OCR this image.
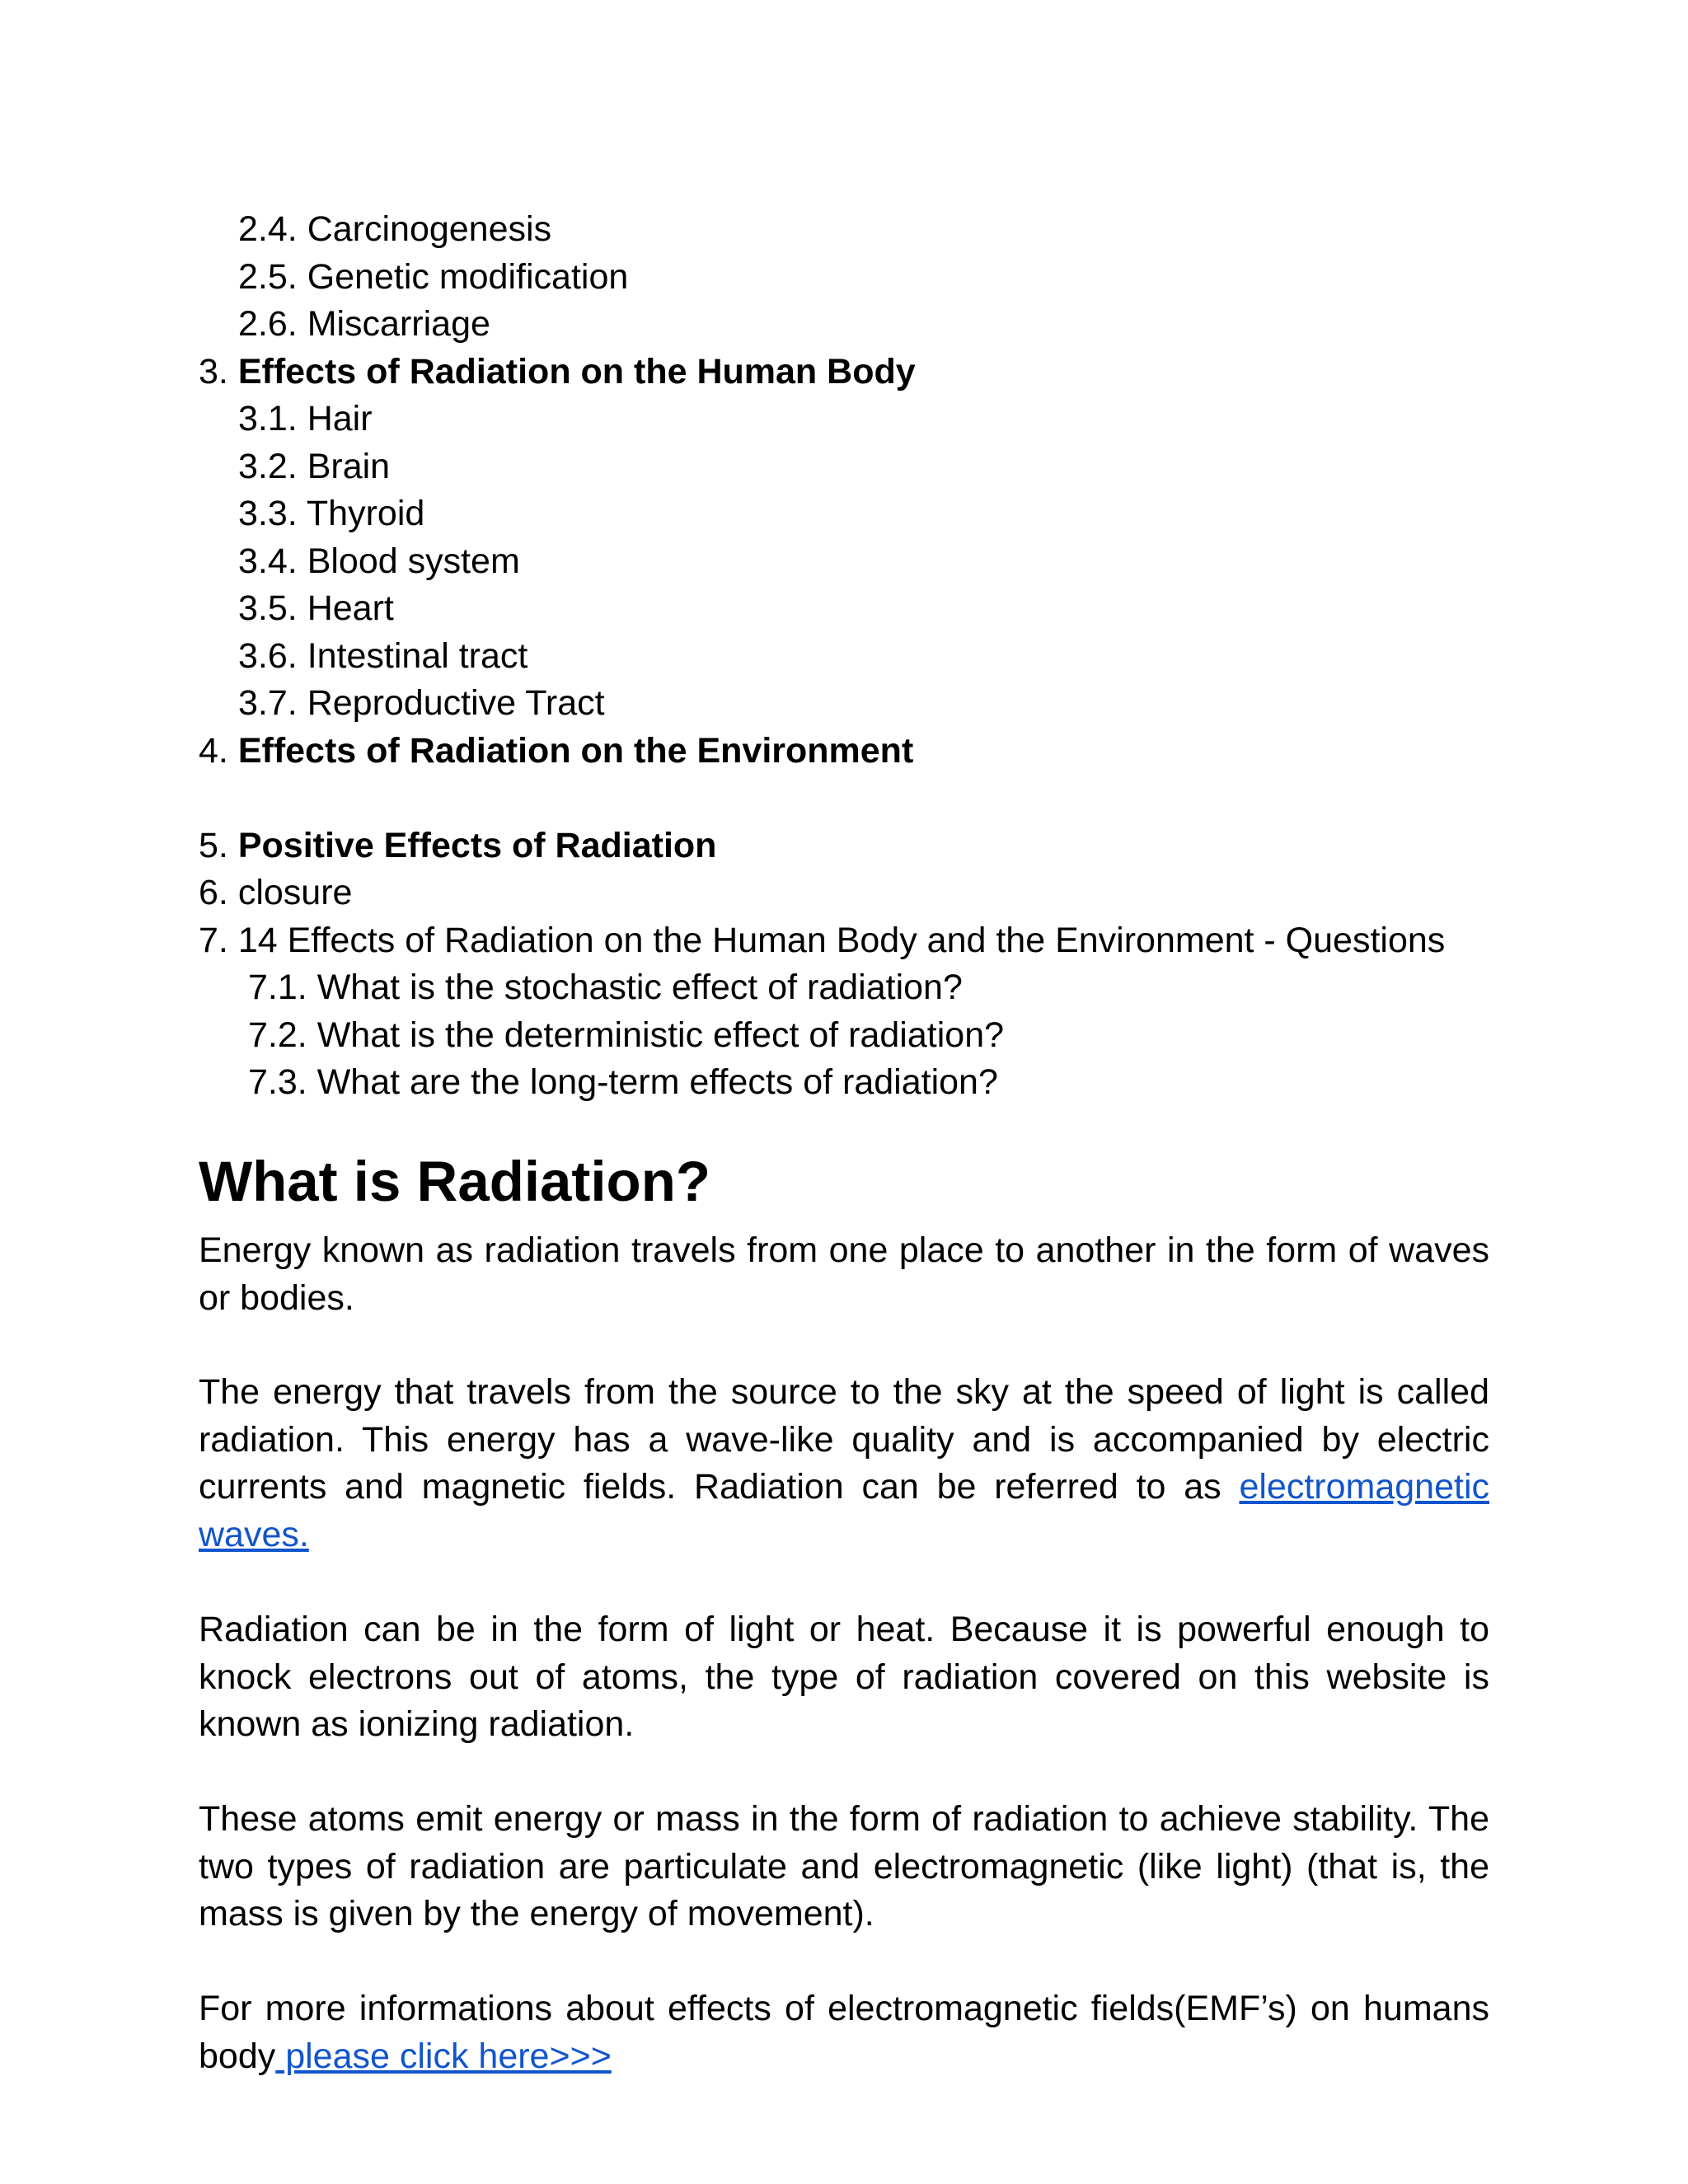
2.4. Carcinogenesis
2.5. Genetic modification
2.6. Miscarriage
3. Effects of Radiation on the Human Body
3.1. Hair
3.2. Brain
3.3. Thyroid
3.4. Blood system
3.5. Heart
3.6. Intestinal tract
3.7. Reproductive Tract
4. Effects of Radiation on the Environment
5. Positive Effects of Radiation
6. closure
7. 14 Effects of Radiation on the Human Body and the Environment - Questions
7.1. What is the stochastic effect of radiation?
7.2. What is the deterministic effect of radiation?
7.3. What are the long-term effects of radiation?
What is Radiation?

Energy known as radiation travels from one place to another in the form of waves or bodies.

The energy that travels from the source to the sky at the speed of light is called radiation. This energy has a wave-like quality and is accompanied by electric currents and magnetic fields. Radiation can be referred to as electromagnetic waves.

Radiation can be in the form of light or heat. Because it is powerful enough to knock electrons out of atoms, the type of radiation covered on this website is known as ionizing radiation.

These atoms emit energy or mass in the form of radiation to achieve stability. The two types of radiation are particulate and electromagnetic (like light) (that is, the mass is given by the energy of movement).

For more informations about effects of electromagnetic fields(EMF’s) on humans body please click here>>>
